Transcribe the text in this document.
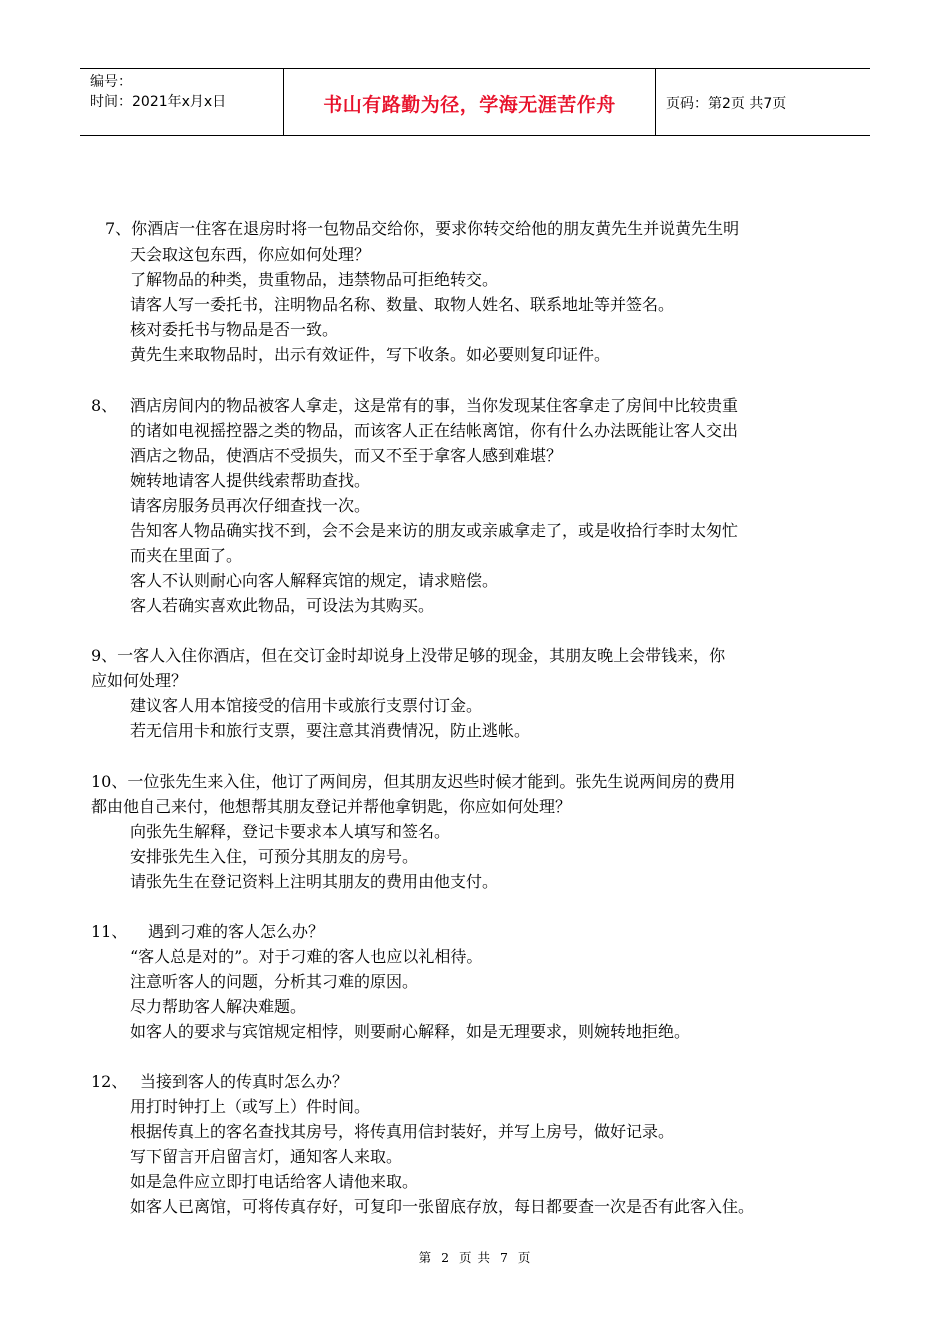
编号：
时间：2021年x月x日	书山有路勤为径，学海无涯苦作舟	页码：第2页 共7页
7、你酒店一住客在退房时将一包物品交给你，要求你转交给他的朋友黄先生并说黄先生明
天会取这包东西，你应如何处理？
了解物品的种类，贵重物品，违禁物品可拒绝转交。
请客人写一委托书，注明物品名称、数量、取物人姓名、联系地址等并签名。
核对委托书与物品是否一致。
黄先生来取物品时，出示有效证件，写下收条。如必要则复印证件。
8、 酒店房间内的物品被客人拿走，这是常有的事，当你发现某住客拿走了房间中比较贵重
的诸如电视摇控器之类的物品，而该客人正在结帐离馆，你有什么办法既能让客人交出
酒店之物品，使酒店不受损失，而又不至于拿客人感到难堪？
婉转地请客人提供线索帮助查找。
请客房服务员再次仔细查找一次。
告知客人物品确实找不到，会不会是来访的朋友或亲戚拿走了，或是收拾行李时太匆忙
而夹在里面了。
客人不认则耐心向客人解释宾馆的规定，请求赔偿。
客人若确实喜欢此物品，可设法为其购买。
9、一客人入住你酒店，但在交订金时却说身上没带足够的现金，其朋友晚上会带钱来，你
应如何处理？
建议客人用本馆接受的信用卡或旅行支票付订金。
若无信用卡和旅行支票，要注意其消费情况，防止逃帐。
10、一位张先生来入住，他订了两间房，但其朋友迟些时候才能到。张先生说两间房的费用
都由他自己来付，他想帮其朋友登记并帮他拿钥匙，你应如何处理？
向张先生解释，登记卡要求本人填写和签名。
安排张先生入住，可预分其朋友的房号。
请张先生在登记资料上注明其朋友的费用由他支付。
11、 遇到刁难的客人怎么办？
“客人总是对的”。对于刁难的客人也应以礼相待。
注意听客人的问题，分析其刁难的原因。
尽力帮助客人解决难题。
如客人的要求与宾馆规定相悖，则要耐心解释，如是无理要求，则婉转地拒绝。
12、 当接到客人的传真时怎么办？
用打时钟打上（或写上）件时间。
根据传真上的客名查找其房号，将传真用信封装好，并写上房号，做好记录。
写下留言开启留言灯，通知客人来取。
如是急件应立即打电话给客人请他来取。
如客人已离馆，可将传真存好，可复印一张留底存放，每日都要查一次是否有此客入住。
第 2 页 共 7 页
